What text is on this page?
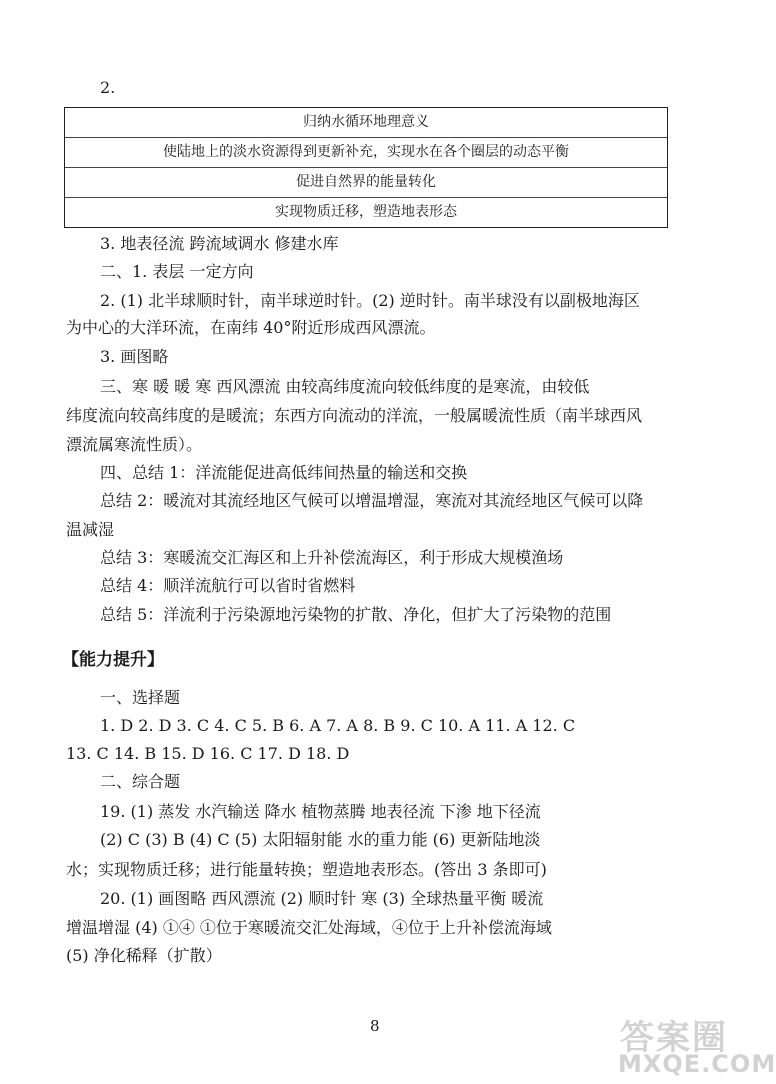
2.
归纳水循环地理意义
使陆地上的淡水资源得到更新补充，实现水在各个圈层的动态平衡
促进自然界的能量转化
实现物质迁移，塑造地表形态
3. 地表径流 跨流域调水 修建水库
二、1. 表层 一定方向
2. (1) 北半球顺时针，南半球逆时针。(2) 逆时针。南半球没有以副极地海区
为中心的大洋环流，在南纬 40°附近形成西风漂流。
3. 画图略
三、寒 暖 暖 寒 西风漂流 由较高纬度流向较低纬度的是寒流，由较低
纬度流向较高纬度的是暖流；东西方向流动的洋流，一般属暖流性质（南半球西风
漂流属寒流性质）。
四、总结 1：洋流能促进高低纬间热量的输送和交换
总结 2：暖流对其流经地区气候可以增温增湿，寒流对其流经地区气候可以降
温减湿
总结 3：寒暖流交汇海区和上升补偿流海区，利于形成大规模渔场
总结 4：顺洋流航行可以省时省燃料
总结 5：洋流利于污染源地污染物的扩散、净化，但扩大了污染物的范围
【能力提升】
一、选择题
1. D 2. D 3. C 4. C 5. B 6. A 7. A 8. B 9. C 10. A 11. A 12. C
13. C 14. B 15. D 16. C 17. D 18. D
二、综合题
19. (1) 蒸发 水汽输送 降水 植物蒸腾 地表径流 下渗 地下径流
(2) C (3) B (4) C (5) 太阳辐射能 水的重力能 (6) 更新陆地淡
水；实现物质迁移；进行能量转换；塑造地表形态。(答出 3 条即可)
20. (1) 画图略 西风漂流 (2) 顺时针 寒 (3) 全球热量平衡 暖流
增温增湿 (4) ①④ ①位于寒暖流交汇处海域，④位于上升补偿流海域
(5) 净化稀释（扩散）
8	答案圈
MXQE.COM
